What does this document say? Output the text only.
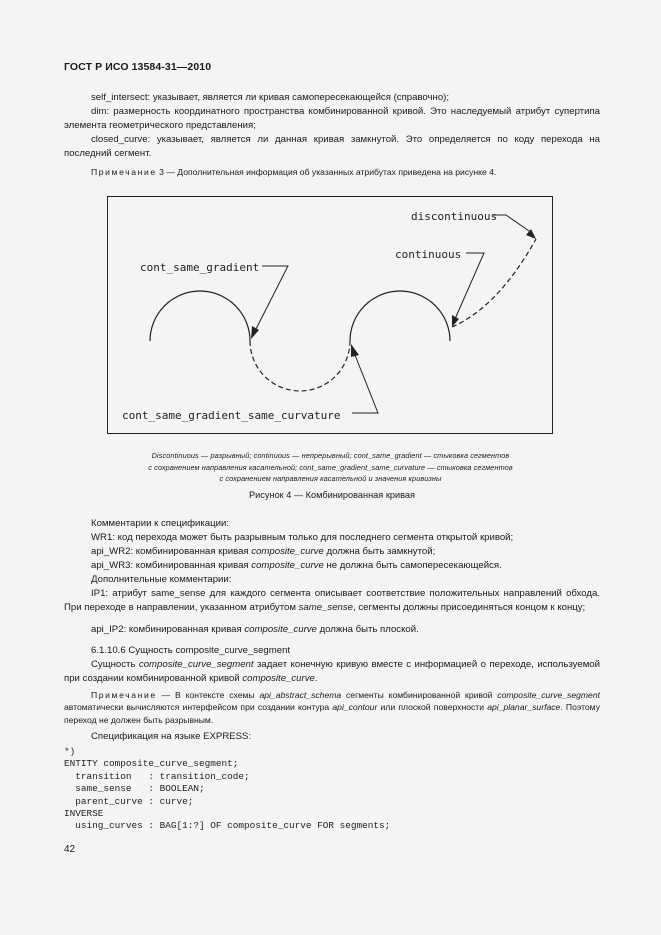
ГОСТ Р ИСО 13584-31—2010
self_intersect: указывает, является ли кривая самопересекающейся (справочно);
dim: размерность координатного пространства комбинированной кривой. Это наследуемый атрибут супертипа элемента геометрического представления;
closed_curve: указывает, является ли данная кривая замкнутой. Это определяется по коду перехода на последний сегмент.
Примечание 3 — Дополнительная информация об указанных атрибутах приведена на рисунке 4.
discontinuous
continuous
cont_same_gradient
cont_same_gradient_same_curvature
Discontinuous — разрывный; continuous — непрерывный; cont_same_gradient — стыковка сегментов
с сохранением направления касательной; cont_same_gradient_same_curvature — стыковка сегментов
с сохранением направления касательной и значения кривизны
Рисунок 4 — Комбинированная кривая
Комментарии к спецификации:
WR1: код перехода может быть разрывным только для последнего сегмента открытой кривой;
api_WR2: комбинированная кривая composite_curve должна быть замкнутой;
api_WR3: комбинированная кривая composite_curve не должна быть самопересекающейся.
Дополнительные комментарии:
IP1: атрибут same_sense для каждого сегмента описывает соответствие положительных направлений обхода. При переходе в направлении, указанном атрибутом same_sense, сегменты должны присоединяться концом к концу;
api_IP2: комбинированная кривая composite_curve должна быть плоской.
6.1.10.6 Сущность composite_curve_segment
Сущность composite_curve_segment задает конечную кривую вместе с информацией о переходе, используемой при создании комбинированной кривой composite_curve.
Примечание — В контексте схемы api_abstract_schema сегменты комбинированной кривой composite_curve_segment автоматически вычисляются интерфейсом при создании контура api_contour или плоской поверхности api_planar_surface. Поэтому переход не должен быть разрывным.
Спецификация на языке EXPRESS:
*)
ENTITY composite_curve_segment;
transition   : transition_code;
same_sense   : BOOLEAN;
parent_curve : curve;
INVERSE
using_curves : BAG[1:?] OF composite_curve FOR segments;
42
